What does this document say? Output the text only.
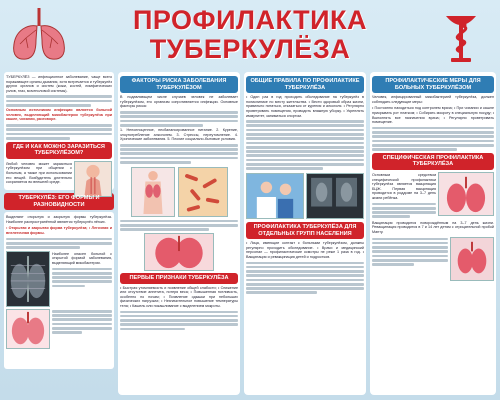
ПРОФИЛАКТИКА
ТУБЕРКУЛЁЗА
ТУБЕРКУЛЁЗ — инфекционное заболевание, чаще всего поражающее органы дыхания, хотя встречается и туберкулёз других органов и систем (кожи, костей, лимфатических узлов, глаз, мочеполовой системы).
Основным источником инфекции является больной человек, выделяющий микобактерии туберкулёза при кашле, чихании, разговоре.
ГДЕ И КАК МОЖНО ЗАРАЗИТЬСЯ ТУБЕРКУЛЁЗОМ?
Любой человек может заразиться туберкулёзом при общении с больным, а также при использовании его вещей. Возбудитель длительно сохраняется во внешней среде.
ТУБЕРКУЛЁЗ: ЕГО ФОРМЫ И РАЗНОВИДНОСТИ
Выделяют открытую и закрытую формы туберкулёза. Наиболее распространённой является туберкулёз лёгких.
• Открытая и закрытая форма туберкулёза; • Легочная и внелегочная формы.
Наиболее опасен больной с открытой формой заболевания, выделяющий микобактерии.
ФАКТОРЫ РИСКА ЗАБОЛЕВАНИЯ ТУБЕРКУЛЁЗОМ
В подавляющем числе случаев человек не заболевает туберкулёзом, его организм сопротивляется инфекции. Основные факторы риска:
1. Неполноценное, несбалансированное питание. 2. Курение, злоупотребление алкоголем. 3. Стрессы, переутомление. 4. Хронические заболевания. 5. Плохие социально-бытовые условия.
ПЕРВЫЕ ПРИЗНАКИ ТУБЕРКУЛЁЗА
• Быстрая утомляемость и появление общей слабости; • Снижение или отсутствие аппетита, потеря веса; • Повышенная потливость, особенно по ночам; • Появление одышки при небольших физических нагрузках; • Незначительное повышение температуры тела; • Кашель или покашливание с выделением мокроты.
ОБЩИЕ ПРАВИЛА ПО ПРОФИЛАКТИКЕ ТУБЕРКУЛЁЗА
• Один раз в год проходить обследование на туберкулёз в поликлинике по месту жительства. • Вести здоровый образ жизни, правильно питаться, отказаться от курения и алкоголя. • Регулярно проветривать помещения, проводить влажную уборку. • Укреплять иммунитет, заниматься спортом.
ПРОФИЛАКТИКА ТУБЕРКУЛЁЗА ДЛЯ ОТДЕЛЬНЫХ ГРУПП НАСЕЛЕНИЯ
• Лица, имеющие контакт с больными туберкулёзом, должны регулярно проходить обследование. • Врачи и медицинский персонал — профилактические осмотры не реже 1 раза в год. • Вакцинация и ревакцинация детей и подростков.
ПРОФИЛАКТИЧЕСКИЕ МЕРЫ ДЛЯ БОЛЬНЫХ ТУБЕРКУЛЁЗОМ
Человек, инфицированный микобактерией туберкулёза, должен соблюдать следующие меры:
• Постоянно находиться под контролем врача; • При чихании и кашле прикрывать рот платком; • Собирать мокроту в специальную посуду; • Выполнять все назначения врача; • Регулярно проветривать помещение.
СПЕЦИФИЧЕСКАЯ ПРОФИЛАКТИКА ТУБЕРКУЛЁЗА
Основным средством специфической профилактики туберкулёза является вакцинация БЦЖ. Первая вакцинация проводится в роддоме на 3–7 день жизни ребёнка.
Вакцинация проводится новорождённым на 3–7 день жизни. Ревакцинация проводится в 7 и 14 лет детям с отрицательной пробой Манту.
